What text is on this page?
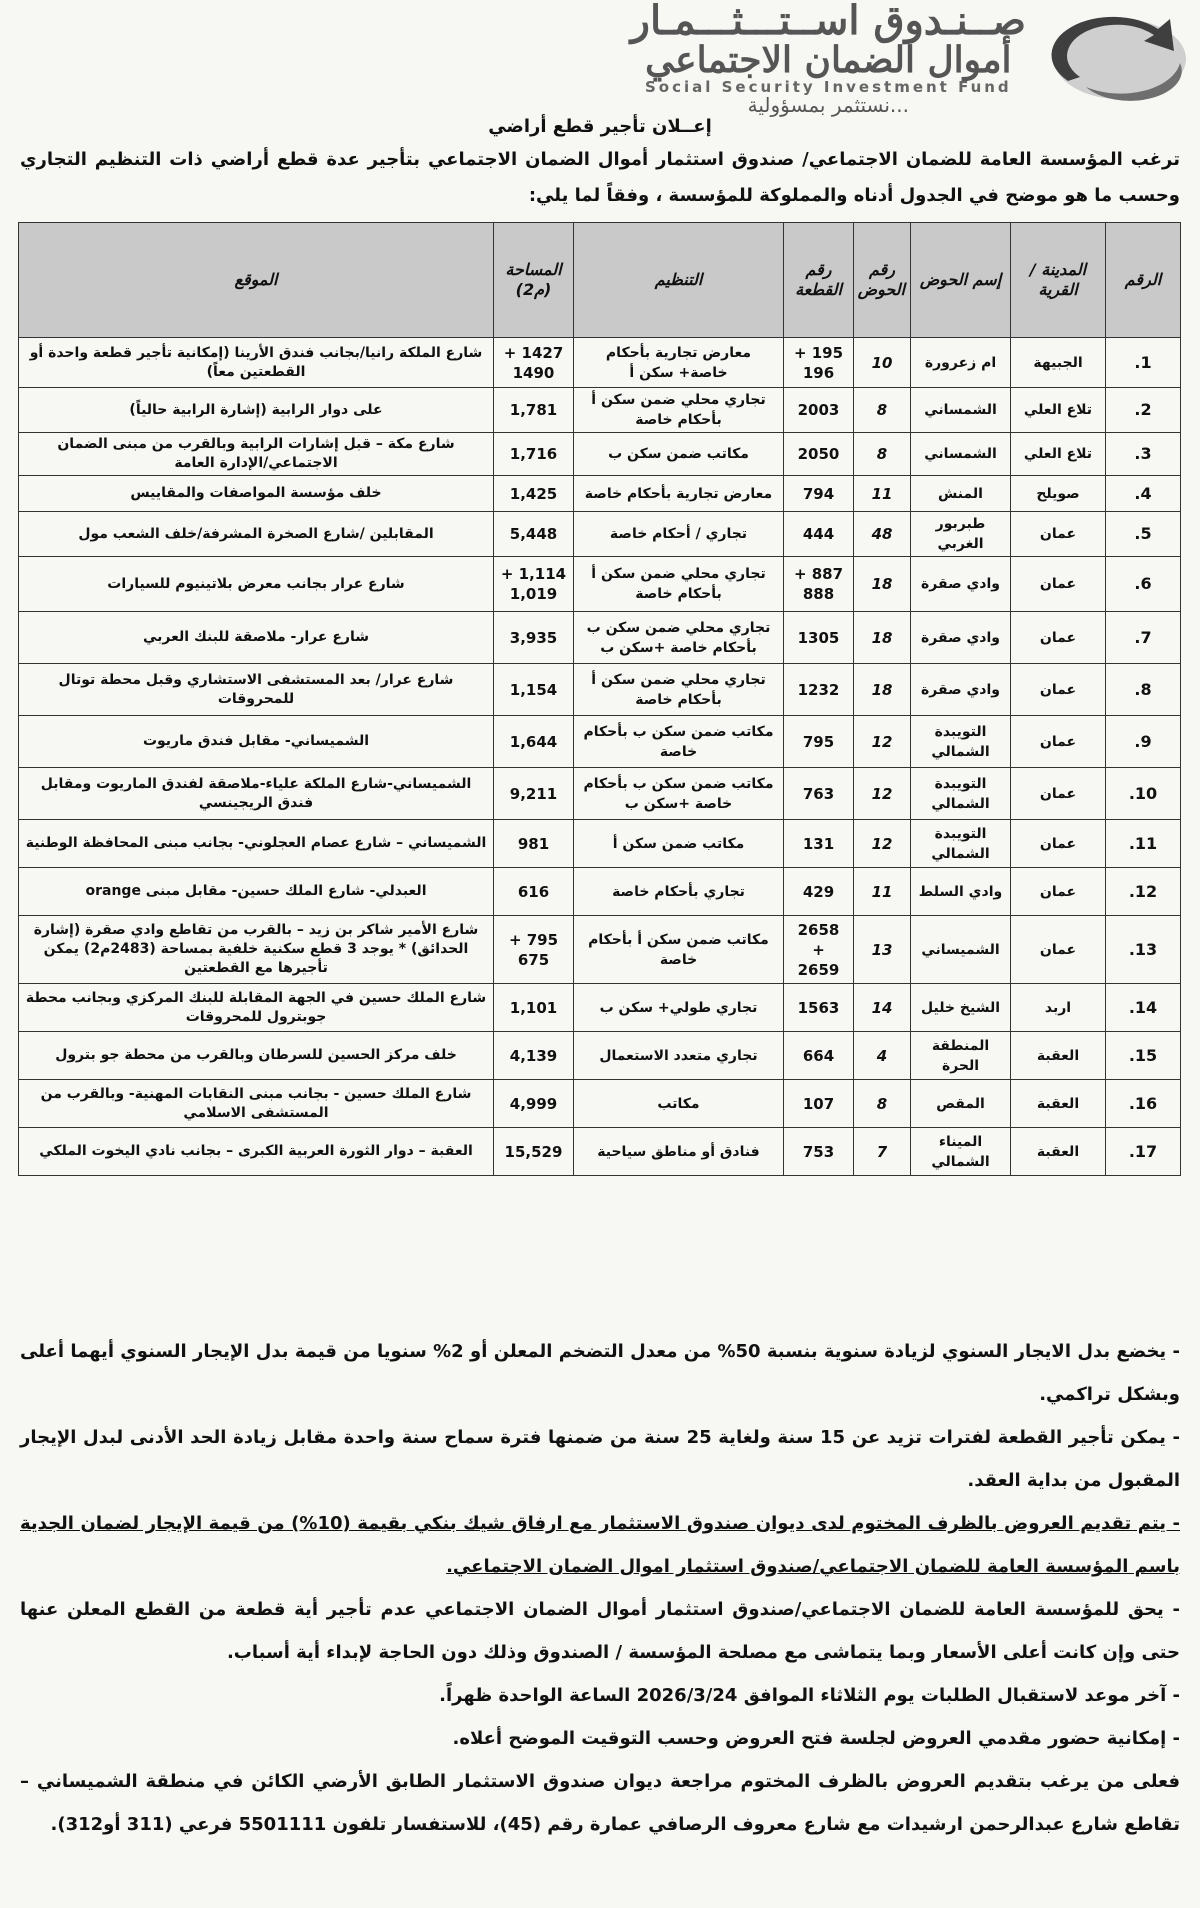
صــنـدوق اســتـــثـــمـار
أموال الضمان الاجتماعي
Social Security Investment Fund
...نستثمر بمسؤولية
إعــلان تأجير قطع أراضي
ترغب المؤسسة العامة للضمان الاجتماعي/ صندوق استثمار أموال الضمان الاجتماعي بتأجير عدة قطع أراضي ذات التنظيم التجاري وحسب ما هو موضح في الجدول أدناه والمملوكة للمؤسسة ، وفقاً لما يلي:
الرقم	المدينة / القرية	إسم الحوض	رقم الحوض	رقم القطعة	التنظيم	المساحة (م2)	الموقع
1.	الجبيهة	ام زعرورة	10	195 + 196	معارض تجارية بأحكام خاصة+ سكن أ	1427 + 1490	شارع الملكة رانيا/بجانب فندق الأرينا (إمكانية تأجير قطعة واحدة أو القطعتين معاً)
2.	تلاع العلي	الشمساني	8	2003	تجاري محلي ضمن سكن أ بأحكام خاصة	1,781	على دوار الرابية (إشارة الرابية حالياً)
3.	تلاع العلي	الشمساني	8	2050	مكاتب ضمن سكن ب	1,716	شارع مكة – قبل إشارات الرابية وبالقرب من مبنى الضمان الاجتماعي/الإدارة العامة
4.	صويلح	المنش	11	794	معارض تجارية بأحكام خاصة	1,425	خلف مؤسسة المواصفات والمقاييس
5.	عمان	طبربور الغربي	48	444	تجاري / أحكام خاصة	5,448	المقابلين /شارع الصخرة المشرفة/خلف الشعب مول
6.	عمان	وادي صقرة	18	887 + 888	تجاري محلي ضمن سكن أ بأحكام خاصة	1,114 + 1,019	شارع عرار بجانب معرض بلاتينيوم للسيارات
7.	عمان	وادي صقرة	18	1305	تجاري محلي ضمن سكن ب بأحكام خاصة +سكن ب	3,935	شارع عرار- ملاصقة للبنك العربي
8.	عمان	وادي صقرة	18	1232	تجاري محلي ضمن سكن أ بأحكام خاصة	1,154	شارع عرار/ بعد المستشفى الاستشاري وقبل محطة توتال للمحروقات
9.	عمان	التويبدة الشمالي	12	795	مكاتب ضمن سكن ب بأحكام خاصة	1,644	الشميساني- مقابل فندق ماريوت
10.	عمان	التويبدة الشمالي	12	763	مكاتب ضمن سكن ب بأحكام خاصة +سكن ب	9,211	الشميساني-شارع الملكة علياء-ملاصقة لفندق الماريوت ومقابل فندق الريجينسي
11.	عمان	التويبدة الشمالي	12	131	مكاتب ضمن سكن أ	981	الشميساني – شارع عصام العجلوني- بجانب مبنى المحافظة الوطنية
12.	عمان	وادي السلط	11	429	تجاري بأحكام خاصة	616	العبدلي- شارع الملك حسين- مقابل مبنى orange
13.	عمان	الشميساني	13	2658 + 2659	مكاتب ضمن سكن أ بأحكام خاصة	795 + 675	شارع الأمير شاكر بن زيد – بالقرب من تقاطع وادي صقرة (إشارة الحدائق) * يوجد 3 قطع سكنية خلفية بمساحة (2483م2) يمكن تأجيرها مع القطعتين
14.	اربد	الشيخ خليل	14	1563	تجاري طولي+ سكن ب	1,101	شارع الملك حسين في الجهة المقابلة للبنك المركزي وبجانب محطة جوبترول للمحروقات
15.	العقبة	المنطقة الحرة	4	664	تجاري متعدد الاستعمال	4,139	خلف مركز الحسين للسرطان وبالقرب من محطة جو بترول
16.	العقبة	المقص	8	107	مكاتب	4,999	شارع الملك حسين - بجانب مبنى النقابات المهنية- وبالقرب من المستشفى الاسلامي
17.	العقبة	الميناء الشمالي	7	753	فنادق أو مناطق سياحية	15,529	العقبة – دوار الثورة العربية الكبرى – بجانب نادي اليخوت الملكي

- يخضع بدل الايجار السنوي لزيادة سنوية بنسبة 50% من معدل التضخم المعلن أو 2% سنويا من قيمة بدل الإيجار السنوي أيهما أعلى وبشكل تراكمي.

- يمكن تأجير القطعة لفترات تزيد عن 15 سنة ولغاية 25 سنة من ضمنها فترة سماح سنة واحدة مقابل زيادة الحد الأدنى لبدل الإيجار المقبول من بداية العقد.

- يتم تقديم العروض بالظرف المختوم لدى ديوان صندوق الاستثمار مع ارفاق شيك بنكي بقيمة (10%) من قيمة الإيجار لضمان الجدية باسم المؤسسة العامة للضمان الاجتماعي/صندوق استثمار اموال الضمان الاجتماعي.

- يحق للمؤسسة العامة للضمان الاجتماعي/صندوق استثمار أموال الضمان الاجتماعي عدم تأجير أية قطعة من القطع المعلن عنها حتى وإن كانت أعلى الأسعار وبما يتماشى مع مصلحة المؤسسة / الصندوق وذلك دون الحاجة لإبداء أية أسباب.

- آخر موعد لاستقبال الطلبات يوم الثلاثاء الموافق 2026/3/24 الساعة الواحدة ظهراً.

- إمكانية حضور مقدمي العروض لجلسة فتح العروض وحسب التوقيت الموضح أعلاه.

فعلى من يرغب بتقديم العروض بالظرف المختوم مراجعة ديوان صندوق الاستثمار الطابق الأرضي الكائن في منطقة الشميساني – تقاطع شارع عبدالرحمن ارشيدات مع شارع معروف الرصافي عمارة رقم (45)، للاستفسار تلفون 5501111 فرعي (311 أو312).
